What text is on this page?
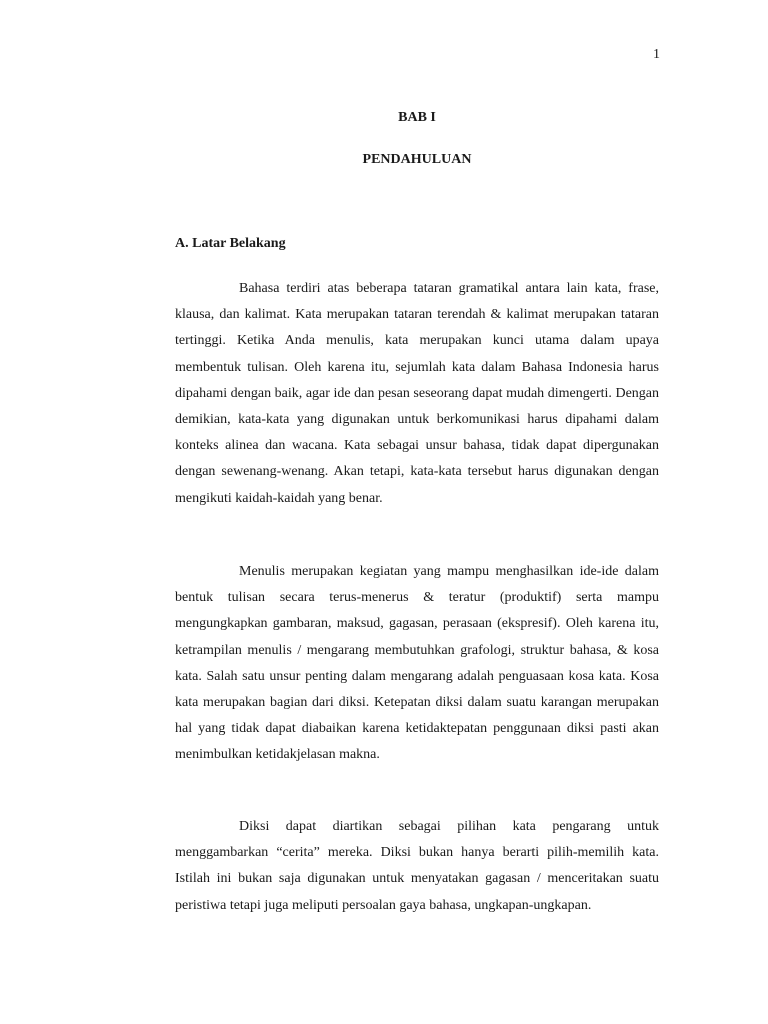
1
BAB I
PENDAHULUAN
A. Latar Belakang

Bahasa terdiri atas beberapa tataran gramatikal antara lain kata, frase, klausa, dan kalimat. Kata merupakan tataran terendah & kalimat merupakan tataran tertinggi. Ketika Anda menulis, kata merupakan kunci utama dalam upaya membentuk tulisan. Oleh karena itu, sejumlah kata dalam Bahasa Indonesia harus dipahami dengan baik, agar ide dan pesan seseorang dapat mudah dimengerti. Dengan demikian, kata-kata yang digunakan untuk berkomunikasi harus dipahami dalam konteks alinea dan wacana. Kata sebagai unsur bahasa, tidak dapat dipergunakan dengan sewenang-wenang. Akan tetapi, kata-kata tersebut harus digunakan dengan mengikuti kaidah-kaidah yang benar.

Menulis merupakan kegiatan yang mampu menghasilkan ide-ide dalam bentuk tulisan secara terus-menerus & teratur (produktif) serta mampu mengungkapkan gambaran, maksud, gagasan, perasaan (ekspresif). Oleh karena itu, ketrampilan menulis / mengarang membutuhkan grafologi, struktur bahasa, & kosa kata. Salah satu unsur penting dalam mengarang adalah penguasaan kosa kata. Kosa kata merupakan bagian dari diksi. Ketepatan diksi dalam suatu karangan merupakan hal yang tidak dapat diabaikan karena ketidaktepatan penggunaan diksi pasti akan menimbulkan ketidakjelasan makna.

Diksi dapat diartikan sebagai pilihan kata pengarang untuk menggambarkan “cerita” mereka. Diksi bukan hanya berarti pilih-memilih kata. Istilah ini bukan saja digunakan untuk menyatakan gagasan / menceritakan suatu peristiwa tetapi juga meliputi persoalan gaya bahasa, ungkapan-ungkapan.
